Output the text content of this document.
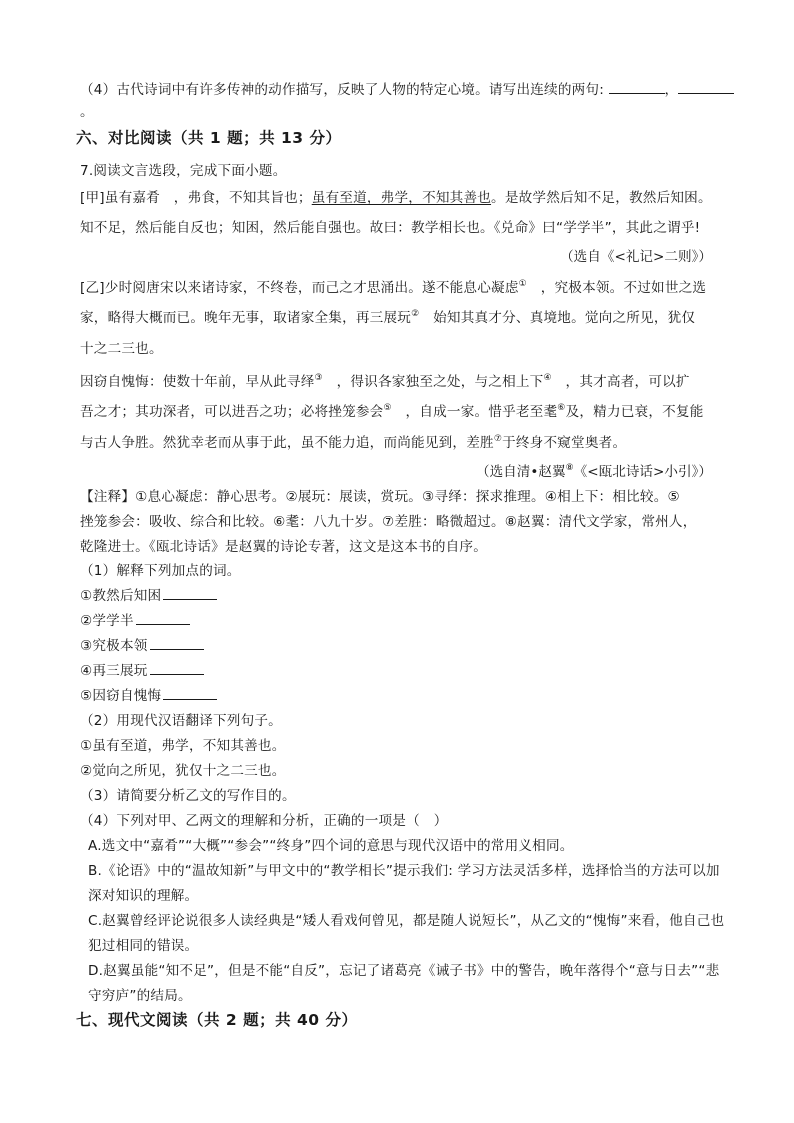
（4）古代诗词中有许多传神的动作描写，反映了人物的特定心境。请写出连续的两句:	，
。
六、对比阅读（共 1 题；共 13 分）
7.阅读文言选段，完成下面小题。
[甲]虽有嘉肴　，弗食，不知其旨也；虽有至道，弗学，不知其善也。是故学然后知不足，教然后知困。
知不足，然后能自反也；知困，然后能自强也。故曰：教学相长也。《兑命》曰“学学半”，其此之谓乎!
（选自《<礼记>二则》）
[乙]少时阅唐宋以来诸诗家，不终卷，而己之才思涌出。遂不能息心凝虑①　，究极本领。不过如世之选
家，略得大概而已。晚年无事，取诸家全集，再三展玩②　始知其真才分、真境地。觉向之所见，犹仅
十之二三也。
因窃自愧悔：使数十年前，早从此寻绎③　，得识各家独至之处，与之相上下④　，其才高者，可以扩
吾之才；其功深者，可以进吾之功；必将挫笼参会⑤　，自成一家。惜乎老至耄⑥及，精力已衰，不复能
与古人争胜。然犹幸老而从事于此，虽不能力追，而尚能见到，差胜⑦于终身不窥堂奥者。
（选自清•赵翼⑧《<瓯北诗话>小引》）
【注释】①息心凝虑：静心思考。②展玩：展读，赏玩。③寻绎：探求推理。④相上下：相比较。⑤
挫笼参会：吸收、综合和比较。⑥耄：八九十岁。⑦差胜：略微超过。⑧赵翼：清代文学家，常州人，
乾隆进士。《瓯北诗话》是赵翼的诗论专著，这文是这本书的自序。
（1）解释下列加点的词。
①教然后知困
②学学半
③究极本领
④再三展玩
⑤因窃自愧悔
（2）用现代汉语翻译下列句子。
①虽有至道，弗学，不知其善也。
②觉向之所见，犹仅十之二三也。
（3）请简要分析乙文的写作目的。
（4）下列对甲、乙两文的理解和分析，正确的一项是（　）
A.选文中“嘉肴”“大概”“参会”“终身”四个词的意思与现代汉语中的常用义相同。
B.《论语》中的“温故知新”与甲文中的“教学相长”提示我们: 学习方法灵活多样，选择恰当的方法可以加
深对知识的理解。
C.赵翼曾经评论说很多人读经典是“矮人看戏何曾见，都是随人说短长”，从乙文的“愧悔”来看，他自己也
犯过相同的错误。
D.赵翼虽能“知不足”，但是不能“自反”，忘记了诸葛亮《诫子书》中的警告，晚年落得个“意与日去”“悲
守穷庐”的结局。
七、现代文阅读（共 2 题；共 40 分）
